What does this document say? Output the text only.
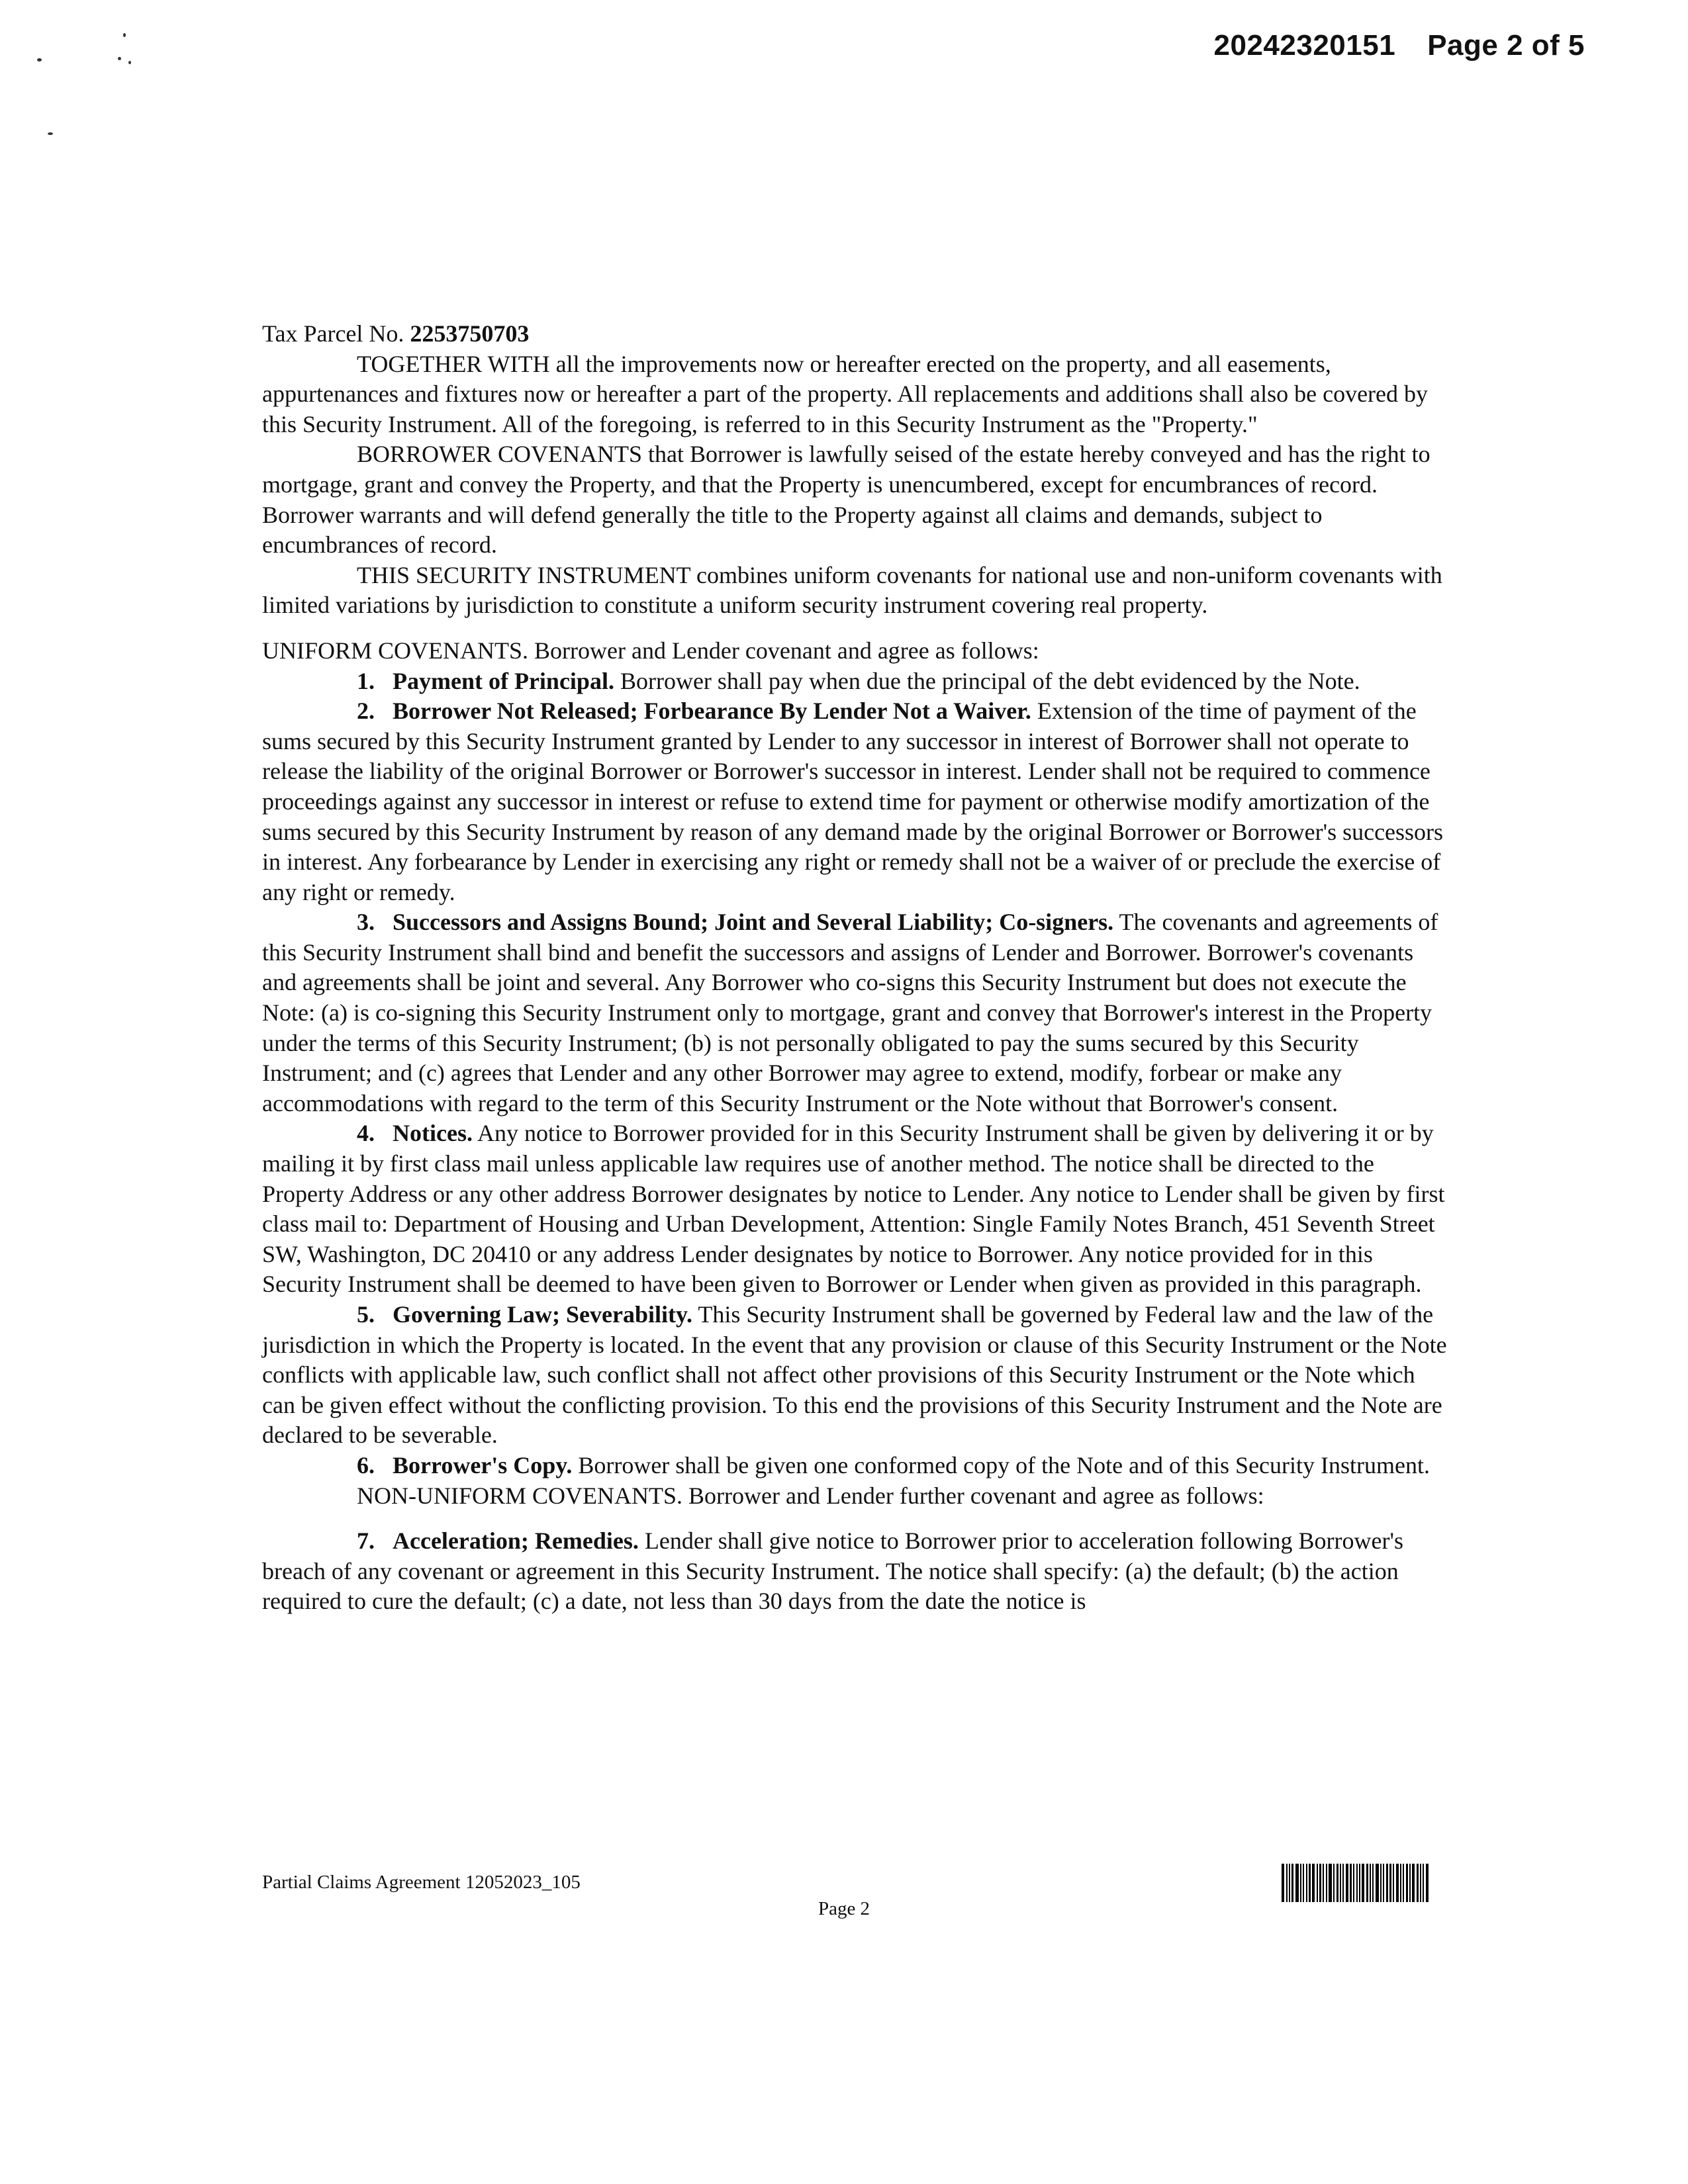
20242320151 Page 2 of 5

Tax Parcel No. 2253750703

TOGETHER WITH all the improvements now or hereafter erected on the property, and all easements, appurtenances and fixtures now or hereafter a part of the property. All replacements and additions shall also be covered by this Security Instrument. All of the foregoing, is referred to in this Security Instrument as the "Property."

BORROWER COVENANTS that Borrower is lawfully seised of the estate hereby conveyed and has the right to mortgage, grant and convey the Property, and that the Property is unencumbered, except for encumbrances of record. Borrower warrants and will defend generally the title to the Property against all claims and demands, subject to encumbrances of record.

THIS SECURITY INSTRUMENT combines uniform covenants for national use and non-uniform covenants with limited variations by jurisdiction to constitute a uniform security instrument covering real property.

UNIFORM COVENANTS. Borrower and Lender covenant and agree as follows:

1. Payment of Principal. Borrower shall pay when due the principal of the debt evidenced by the Note.

2. Borrower Not Released; Forbearance By Lender Not a Waiver. Extension of the time of payment of the sums secured by this Security Instrument granted by Lender to any successor in interest of Borrower shall not operate to release the liability of the original Borrower or Borrower's successor in interest. Lender shall not be required to commence proceedings against any successor in interest or refuse to extend time for payment or otherwise modify amortization of the sums secured by this Security Instrument by reason of any demand made by the original Borrower or Borrower's successors in interest. Any forbearance by Lender in exercising any right or remedy shall not be a waiver of or preclude the exercise of any right or remedy.

3. Successors and Assigns Bound; Joint and Several Liability; Co-signers. The covenants and agreements of this Security Instrument shall bind and benefit the successors and assigns of Lender and Borrower. Borrower's covenants and agreements shall be joint and several. Any Borrower who co-signs this Security Instrument but does not execute the Note: (a) is co-signing this Security Instrument only to mortgage, grant and convey that Borrower's interest in the Property under the terms of this Security Instrument; (b) is not personally obligated to pay the sums secured by this Security Instrument; and (c) agrees that Lender and any other Borrower may agree to extend, modify, forbear or make any accommodations with regard to the term of this Security Instrument or the Note without that Borrower's consent.

4. Notices. Any notice to Borrower provided for in this Security Instrument shall be given by delivering it or by mailing it by first class mail unless applicable law requires use of another method. The notice shall be directed to the Property Address or any other address Borrower designates by notice to Lender. Any notice to Lender shall be given by first class mail to: Department of Housing and Urban Development, Attention: Single Family Notes Branch, 451 Seventh Street SW, Washington, DC 20410 or any address Lender designates by notice to Borrower. Any notice provided for in this Security Instrument shall be deemed to have been given to Borrower or Lender when given as provided in this paragraph.

5. Governing Law; Severability. This Security Instrument shall be governed by Federal law and the law of the jurisdiction in which the Property is located. In the event that any provision or clause of this Security Instrument or the Note conflicts with applicable law, such conflict shall not affect other provisions of this Security Instrument or the Note which can be given effect without the conflicting provision. To this end the provisions of this Security Instrument and the Note are declared to be severable.

6. Borrower's Copy. Borrower shall be given one conformed copy of the Note and of this Security Instrument.

NON-UNIFORM COVENANTS. Borrower and Lender further covenant and agree as follows:

7. Acceleration; Remedies. Lender shall give notice to Borrower prior to acceleration following Borrower's breach of any covenant or agreement in this Security Instrument. The notice shall specify: (a) the default; (b) the action required to cure the default; (c) a date, not less than 30 days from the date the notice is

Partial Claims Agreement 12052023_105
Page 2
